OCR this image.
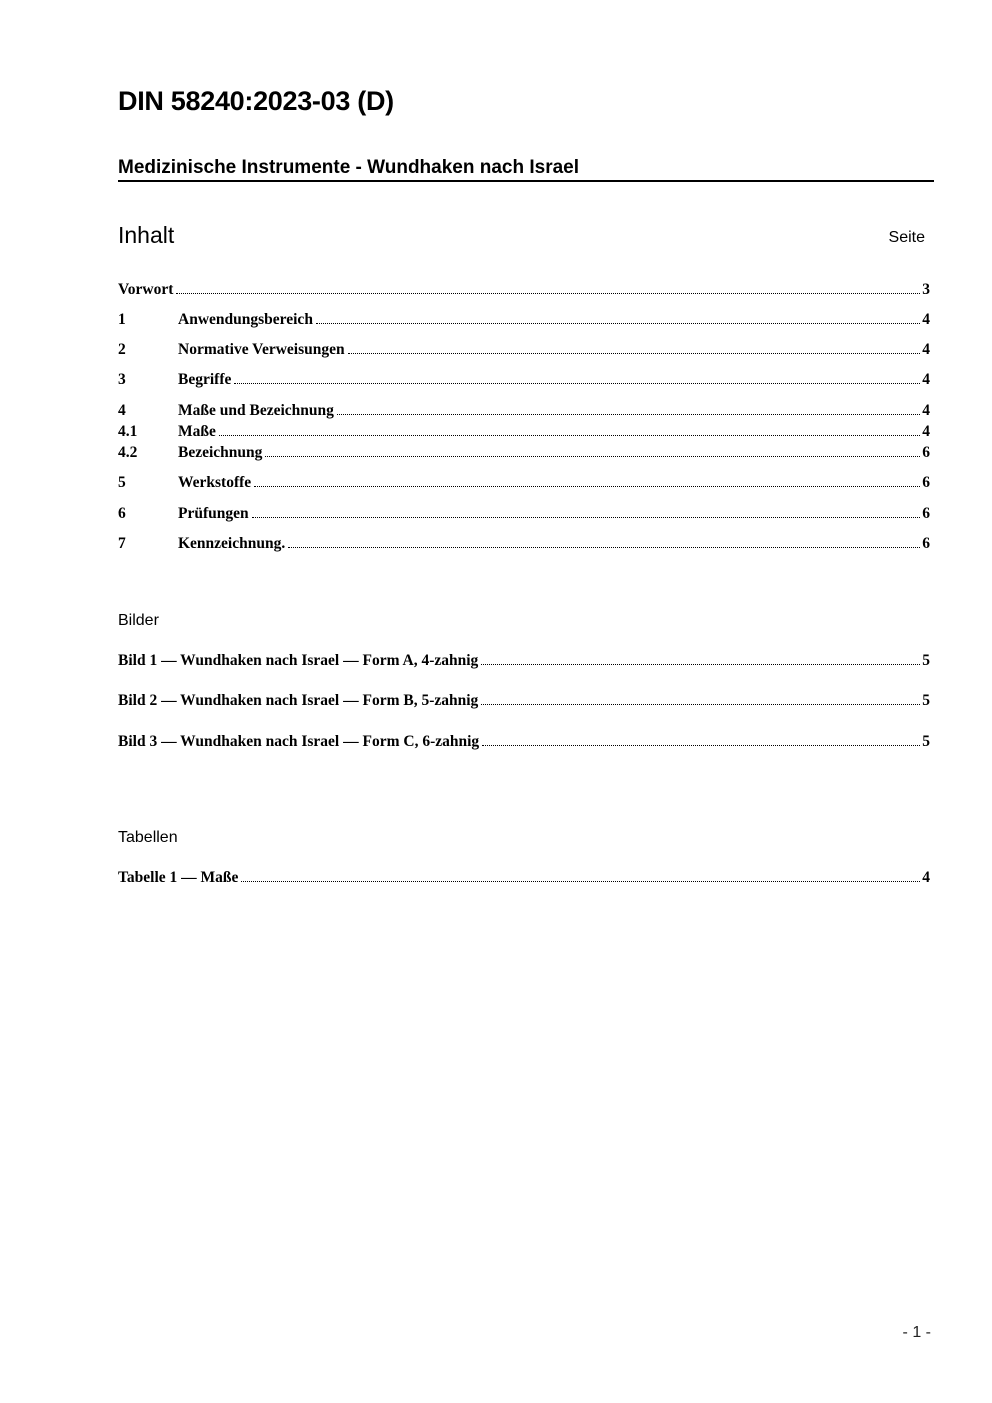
DIN 58240:2023-03 (D)
Medizinische Instrumente - Wundhaken nach Israel
Inhalt	Seite
Vorwort	3
1	Anwendungsbereich	4
2	Normative Verweisungen	4
3	Begriffe	4
4	Maße und Bezeichnung	4
4.1	Maße	4
4.2	Bezeichnung	6
5	Werkstoffe	6
6	Prüfungen	6
7	Kennzeichnung.	6
Bilder
Bild 1 — Wundhaken nach Israel — Form A, 4-zahnig	5
Bild 2 — Wundhaken nach Israel — Form B, 5-zahnig	5
Bild 3 — Wundhaken nach Israel — Form C, 6-zahnig	5
Tabellen
Tabelle 1 — Maße	4
- 1 -
